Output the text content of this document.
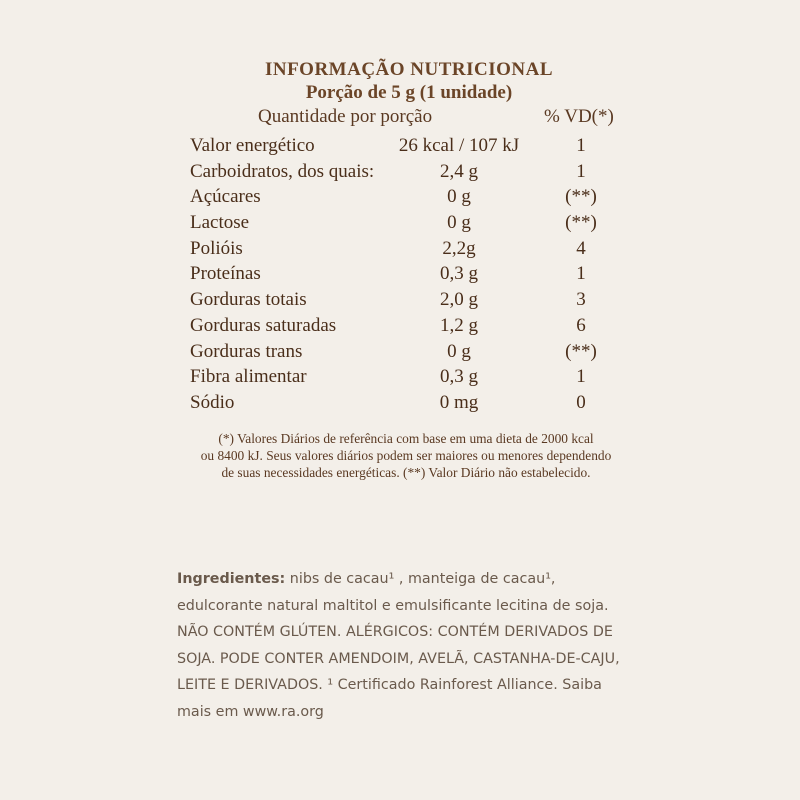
INFORMAÇÃO NUTRICIONAL
Porção de 5 g (1 unidade)
Quantidade por porção	% VD(*)
Valor energético	26 kcal / 107 kJ	1
Carboidratos, dos quais:	2,4 g	1
Açúcares	0 g	(**)
Lactose	0 g	(**)
Polióis	2,2g	4
Proteínas	0,3 g	1
Gorduras totais	2,0 g	3
Gorduras saturadas	1,2 g	6
Gorduras trans	0 g	(**)
Fibra alimentar	0,3 g	1
Sódio	0 mg	0
(*) Valores Diários de referência com base em uma dieta de 2000 kcal
ou 8400 kJ. Seus valores diários podem ser maiores ou menores dependendo
de suas necessidades energéticas. (**) Valor Diário não estabelecido.
Ingredientes: nibs de cacau¹ , manteiga de cacau¹, edulcorante natural maltitol e emulsificante lecitina de soja. NÃO CONTÉM GLÚTEN. ALÉRGICOS: CONTÉM DERIVADOS DE SOJA. PODE CONTER AMENDOIM, AVELÃ, CASTANHA-DE-CAJU, LEITE E DERIVADOS. ¹ Certificado Rainforest Alliance. Saiba mais em www.ra.org
